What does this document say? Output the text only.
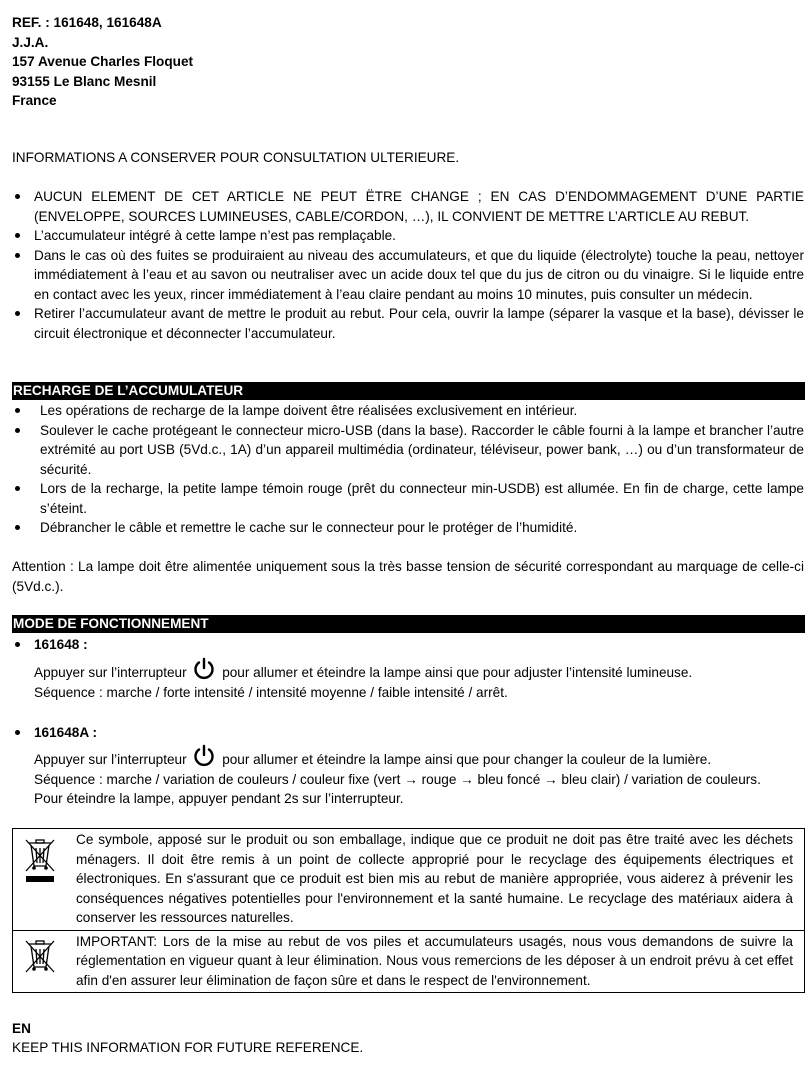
REF. : 161648, 161648A
J.J.A.
157 Avenue Charles Floquet
93155 Le Blanc Mesnil
France
INFORMATIONS A CONSERVER POUR CONSULTATION ULTERIEURE.
AUCUN ELEMENT DE CET ARTICLE NE PEUT ËTRE CHANGE ; EN CAS D’ENDOMMAGEMENT D’UNE PARTIE (ENVELOPPE, SOURCES LUMINEUSES, CABLE/CORDON, …), IL CONVIENT DE METTRE L’ARTICLE AU REBUT.
L’accumulateur intégré à cette lampe n’est pas remplaçable.
Dans le cas où des fuites se produiraient au niveau des accumulateurs, et que du liquide (électrolyte) touche la peau, nettoyer immédiatement à l’eau et au savon ou neutraliser avec un acide doux tel que du jus de citron ou du vinaigre. Si le liquide entre en contact avec les yeux, rincer immédiatement à l’eau claire pendant au moins 10 minutes, puis consulter un médecin.
Retirer l’accumulateur avant de mettre le produit au rebut. Pour cela, ouvrir la lampe (séparer la vasque et la base), dévisser le circuit électronique et déconnecter l’accumulateur.
RECHARGE DE L’ACCUMULATEUR
Les opérations de recharge de la lampe doivent être réalisées exclusivement en intérieur.
Soulever le cache protégeant le connecteur micro-USB (dans la base). Raccorder le câble fourni à la lampe et brancher l’autre extrémité au port USB (5Vd.c., 1A) d’un appareil multimédia (ordinateur, téléviseur, power bank, …) ou d’un transformateur de sécurité.
Lors de la recharge, la petite lampe témoin rouge (prêt du connecteur min-USDB) est allumée. En fin de charge, cette lampe s’éteint.
Débrancher le câble et remettre le cache sur le connecteur pour le protéger de l’humidité.
Attention : La lampe doit être alimentée uniquement sous la très basse tension de sécurité correspondant au marquage de celle-ci (5Vd.c.).
MODE DE FONCTIONNEMENT
161648 :
Appuyer sur l’interrupteur	pour allumer et éteindre la lampe ainsi que pour adjuster l’intensité lumineuse.
Séquence : marche / forte intensité / intensité moyenne / faible intensité / arrêt.
161648A :
Appuyer sur l’interrupteur	pour allumer et éteindre la lampe ainsi que pour changer la couleur de la lumière.
Séquence : marche / variation de couleurs / couleur fixe (vert → rouge → bleu foncé → bleu clair) / variation de couleurs.
Pour éteindre la lampe, appuyer pendant 2s sur l’interrupteur.
Ce symbole, apposé sur le produit ou son emballage, indique que ce produit ne doit pas être traité avec les déchets ménagers. Il doit être remis à un point de collecte approprié pour le recyclage des équipements électriques et électroniques. En s'assurant que ce produit est bien mis au rebut de manière appropriée, vous aiderez à prévenir les conséquences négatives potentielles pour l'environnement et la santé humaine. Le recyclage des matériaux aidera à conserver les ressources naturelles.
IMPORTANT: Lors de la mise au rebut de vos piles et accumulateurs usagés, nous vous demandons de suivre la réglementation en vigueur quant à leur élimination. Nous vous remercions de les déposer à un endroit prévu à cet effet afin d'en assurer leur élimination de façon sûre et dans le respect de l'environnement.
EN
KEEP THIS INFORMATION FOR FUTURE REFERENCE.
